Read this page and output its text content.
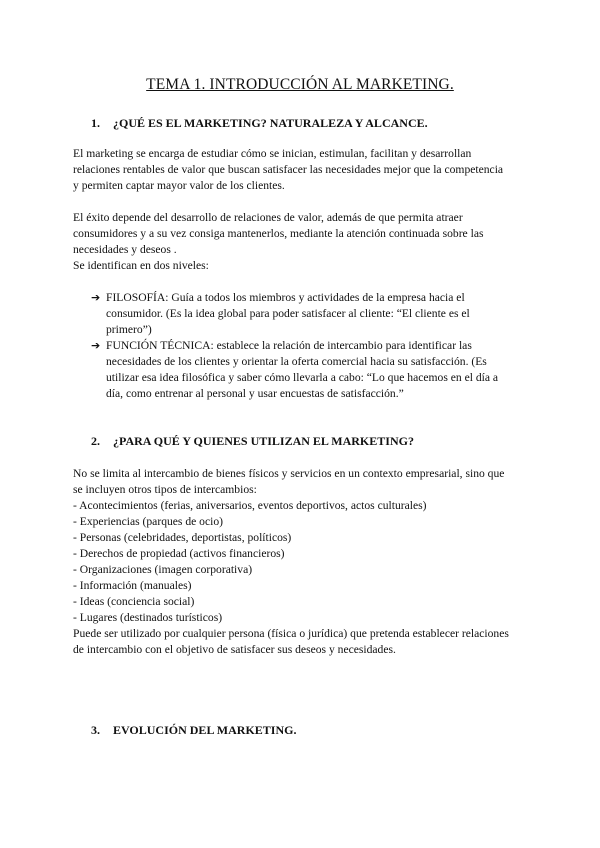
TEMA 1. INTRODUCCIÓN AL MARKETING.
1. ¿QUÉ ES EL MARKETING? NATURALEZA Y ALCANCE.
El marketing se encarga de estudiar cómo se inician, estimulan, facilitan y desarrollan
relaciones rentables de valor que buscan satisfacer las necesidades mejor que la competencia
y permiten captar mayor valor de los clientes.
El éxito depende del desarrollo de relaciones de valor, además de que permita atraer
consumidores y a su vez consiga mantenerlos, mediante la atención continuada sobre las
necesidades y deseos .
Se identifican en dos niveles:
➔ FILOSOFÍA: Guía a todos los miembros y actividades de la empresa hacia el
consumidor. (Es la idea global para poder satisfacer al cliente: “El cliente es el
primero”)
➔ FUNCIÓN TÉCNICA: establece la relación de intercambio para identificar las
necesidades de los clientes y orientar la oferta comercial hacia su satisfacción. (Es
utilizar esa idea filosófica y saber cómo llevarla a cabo: “Lo que hacemos en el día a
día, como entrenar al personal y usar encuestas de satisfacción.”
2. ¿PARA QUÉ Y QUIENES UTILIZAN EL MARKETING?
No se limita al intercambio de bienes físicos y servicios en un contexto empresarial, sino que
se incluyen otros tipos de intercambios:
- Acontecimientos (ferias, aniversarios, eventos deportivos, actos culturales)
- Experiencias (parques de ocio)
- Personas (celebridades, deportistas, políticos)
- Derechos de propiedad (activos financieros)
- Organizaciones (imagen corporativa)
- Información (manuales)
- Ideas (conciencia social)
- Lugares (destinados turísticos)
Puede ser utilizado por cualquier persona (física o jurídica) que pretenda establecer relaciones
de intercambio con el objetivo de satisfacer sus deseos y necesidades.
3. EVOLUCIÓN DEL MARKETING.
